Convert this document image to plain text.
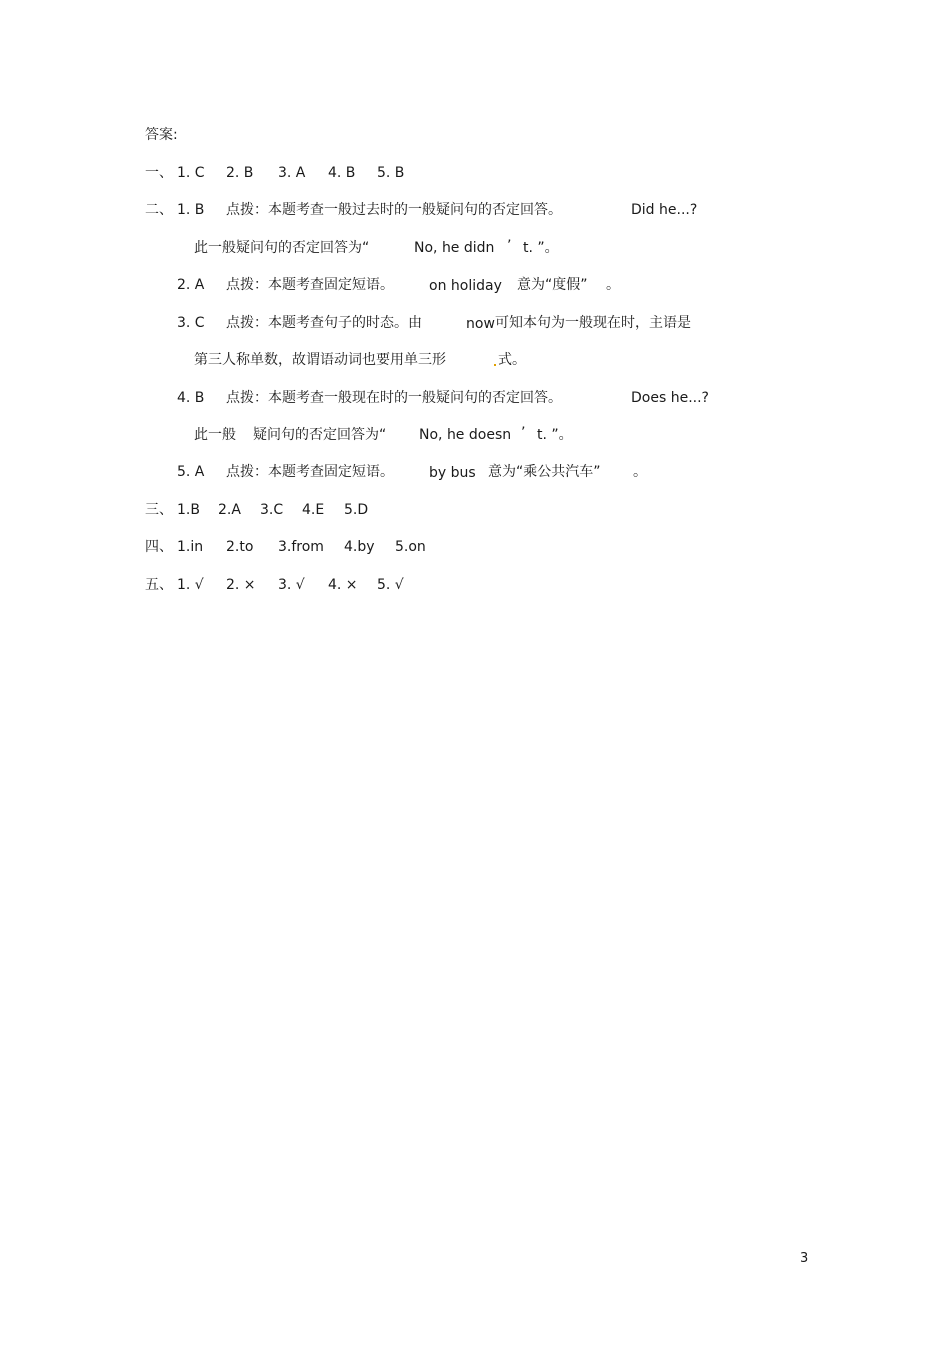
答案:
一、 1. C 2. B 3. A 4. B 5. B
二、 1. B 点拨：本题考查一般过去时的一般疑问句的否定回答。	Did he...?
此一般疑问句的否定回答为“	No, he didn ’ t. ”。
2. A 点拨：本题考查固定短语。	on holiday 意为“度假” 。
3. C 点拨：本题考查句子的时态。由	now 可知本句为一般现在时，主语是
第三人称单数，故谓语动词也要用单三形	式。
4. B 点拨：本题考查一般现在时的一般疑问句的否定回答。	Does he...?
此一般 疑问句的否定回答为“ No, he doesn ’ t. ”。
5. A 点拨：本题考查固定短语。	by bus 意为“乘公共汽车” 。
三、 1.B 2.A 3.C 4.E 5.D
四、 1.in 2.to 3.from 4.by 5.on
五、 1. √ 2. × 3. √ 4. × 5. √
3
